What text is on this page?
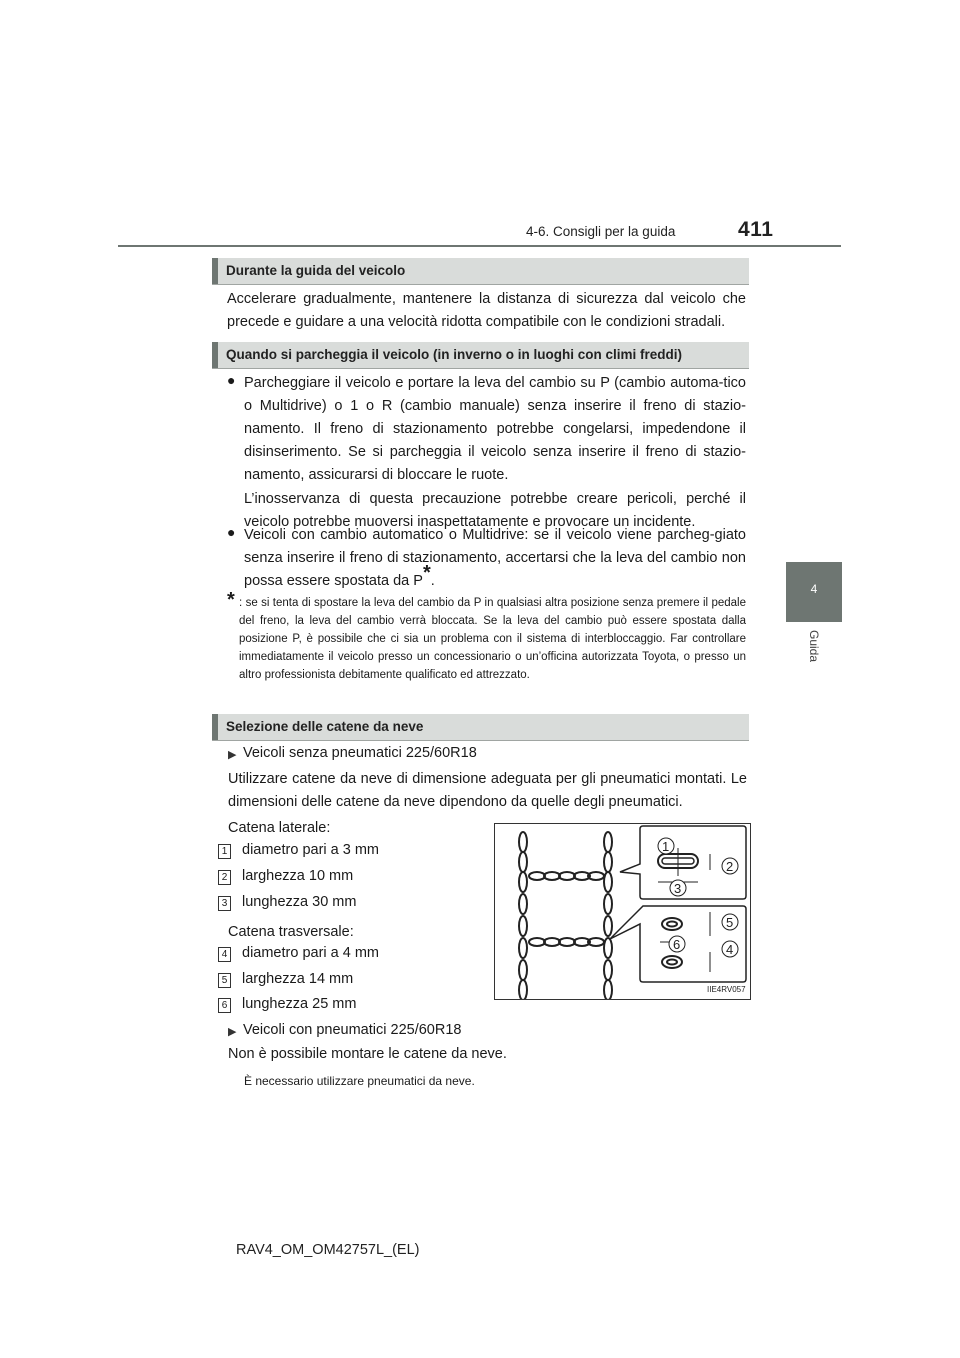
4-6. Consigli per la guida	411
4
Guida
Durante la guida del veicolo
Accelerare gradualmente, mantenere la distanza di sicurezza dal veicolo che precede e guidare a una velocità ridotta compatibile con le condizioni stradali.
Quando si parcheggia il veicolo (in inverno o in luoghi con climi freddi)
● Parcheggiare il veicolo e portare la leva del cambio su P (cambio automa-tico o Multidrive) o 1 o R (cambio manuale) senza inserire il freno di stazio-namento. Il freno di stazionamento potrebbe congelarsi, impedendone il disinserimento. Se si parcheggia il veicolo senza inserire il freno di stazio-namento, assicurarsi di bloccare le ruote.
L’inosservanza di questa precauzione potrebbe creare pericoli, perché il veicolo potrebbe muoversi inaspettatamente e provocare un incidente.
● Veicoli con cambio automatico o Multidrive: se il veicolo viene parcheg-giato senza inserire il freno di stazionamento, accertarsi che la leva del cambio non possa essere spostata da P*.
* : se si tenta di spostare la leva del cambio da P in qualsiasi altra posizione senza premere il pedale del freno, la leva del cambio verrà bloccata. Se la leva del cambio può essere spostata dalla posizione P, è possibile che ci sia un problema con il sistema di interbloccaggio. Far controllare immediatamente il veicolo presso un concessionario o un’officina autorizzata Toyota, o presso un altro professionista debitamente qualificato ed attrezzato.
Selezione delle catene da neve
▶ Veicoli senza pneumatici 225/60R18
Utilizzare catene da neve di dimensione adeguata per gli pneumatici montati. Le dimensioni delle catene da neve dipendono da quelle degli pneumatici.
Catena laterale:
1 diametro pari a 3 mm
2 larghezza 10 mm
3 lunghezza 30 mm
Catena trasversale:
4 diametro pari a 4 mm
5 larghezza 14 mm
6 lunghezza 25 mm
1
2
3
4
5
6
IIE4RV057
▶ Veicoli con pneumatici 225/60R18
Non è possibile montare le catene da neve.
È necessario utilizzare pneumatici da neve.
RAV4_OM_OM42757L_(EL)
